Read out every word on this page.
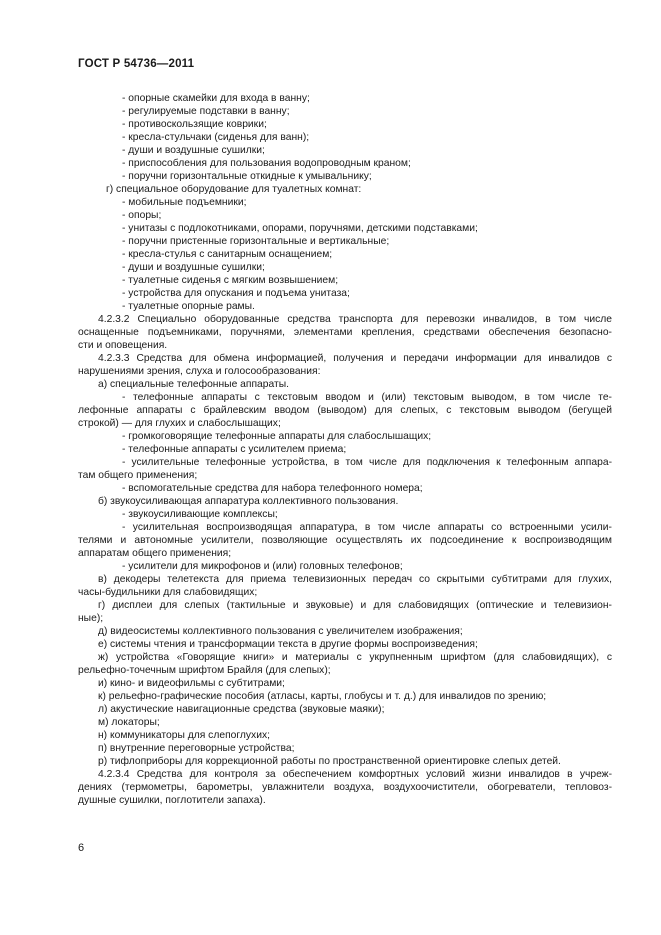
ГОСТ Р 54736—2011
- опорные скамейки для входа в ванну;
- регулируемые подставки в ванну;
- противоскользящие коврики;
- кресла-стульчаки (сиденья для ванн);
- души и воздушные сушилки;
- приспособления для пользования водопроводным краном;
- поручни горизонтальные откидные к умывальнику;
г) специальное оборудование для туалетных комнат:
- мобильные подъемники;
- опоры;
- унитазы с подлокотниками, опорами, поручнями, детскими подставками;
- поручни пристенные горизонтальные и вертикальные;
- кресла-стулья с санитарным оснащением;
- души и воздушные сушилки;
- туалетные сиденья с мягким возвышением;
- устройства для опускания и подъема унитаза;
- туалетные опорные рамы.
4.2.3.2 Специально оборудованные средства транспорта для перевозки инвалидов, в том числе
оснащенные подъемниками, поручнями, элементами крепления, средствами обеспечения безопасно-
сти и оповещения.
4.2.3.3 Средства для обмена информацией, получения и передачи информации для инвалидов с
нарушениями зрения, слуха и голосообразования:
а) специальные телефонные аппараты.
- телефонные аппараты с текстовым вводом и (или) текстовым выводом, в том числе те-
лефонные аппараты с брайлевским вводом (выводом) для слепых, с текстовым выводом (бегущей
строкой) — для глухих и слабослышащих;
- громкоговорящие телефонные аппараты для слабослышащих;
- телефонные аппараты с усилителем приема;
- усилительные телефонные устройства, в том числе для подключения к телефонным аппара-
там общего применения;
- вспомогательные средства для набора телефонного номера;
б) звукоусиливающая аппаратура коллективного пользования.
- звукоусиливающие комплексы;
- усилительная воспроизводящая аппаратура, в том числе аппараты со встроенными усили-
телями и автономные усилители, позволяющие осуществлять их подсоединение к воспроизводящим
аппаратам общего применения;
- усилители для микрофонов и (или) головных телефонов;
в) декодеры телетекста для приема телевизионных передач со скрытыми субтитрами для глухих,
часы-будильники для слабовидящих;
г) дисплеи для слепых (тактильные и звуковые) и для слабовидящих (оптические и телевизион-
ные);
д) видеосистемы коллективного пользования с увеличителем изображения;
е) системы чтения и трансформации текста в другие формы воспроизведения;
ж) устройства «Говорящие книги» и материалы с укрупненным шрифтом (для слабовидящих), с
рельефно-точечным шрифтом Брайля (для слепых);
и) кино- и видеофильмы с субтитрами;
к) рельефно-графические пособия (атласы, карты, глобусы и т. д.) для инвалидов по зрению;
л) акустические навигационные средства (звуковые маяки);
м) локаторы;
н) коммуникаторы для слепоглухих;
п) внутренние переговорные устройства;
р) тифлоприборы для коррекционной работы по пространственной ориентировке слепых детей.
4.2.3.4 Средства для контроля за обеспечением комфортных условий жизни инвалидов в учреж-
дениях (термометры, барометры, увлажнители воздуха, воздухоочистители, обогреватели, тепловоз-
душные сушилки, поглотители запаха).
6
